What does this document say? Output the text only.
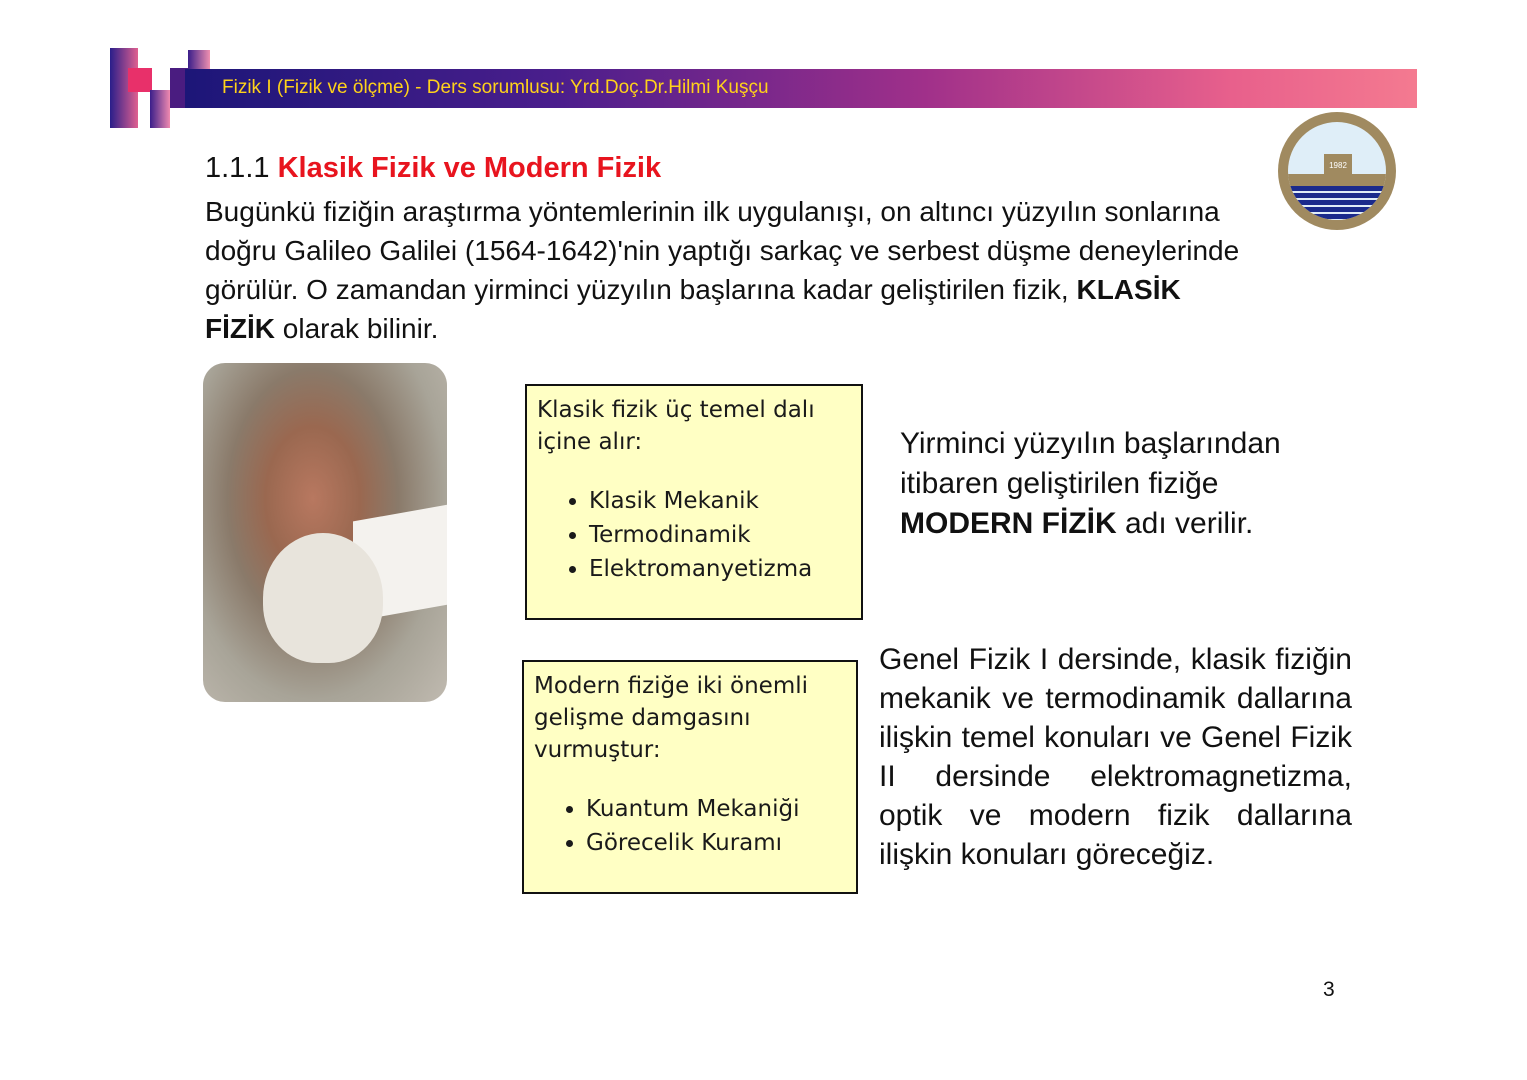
Fizik I (Fizik ve ölçme) - Ders sorumlusu: Yrd.Doç.Dr.Hilmi Kuşçu
1982
1.1.1 Klasik Fizik ve Modern Fizik
Bugünkü fiziğin araştırma yöntemlerinin ilk uygulanışı, on altıncı yüzyılın sonlarına doğru Galileo Galilei (1564-1642)'nin yaptığı sarkaç ve serbest düşme deneylerinde görülür. O zamandan yirminci yüzyılın başlarına kadar geliştirilen fizik, KLASİK FİZİK olarak bilinir.
Klasik fizik üç temel dalı içine alır:
• Klasik Mekanik
• Termodinamik
• Elektromanyetizma
Modern fiziğe iki önemli gelişme damgasını vurmuştur:
• Kuantum Mekaniği
• Görecelik Kuramı
Yirminci yüzyılın başlarından itibaren geliştirilen fiziğe MODERN FİZİK adı verilir.
Genel Fizik I dersinde, klasik fiziğin mekanik ve termodinamik dallarına ilişkin temel konuları ve Genel Fizik II dersinde elektromagnetizma, optik ve modern fizik dallarına ilişkin konuları göreceğiz.
3
